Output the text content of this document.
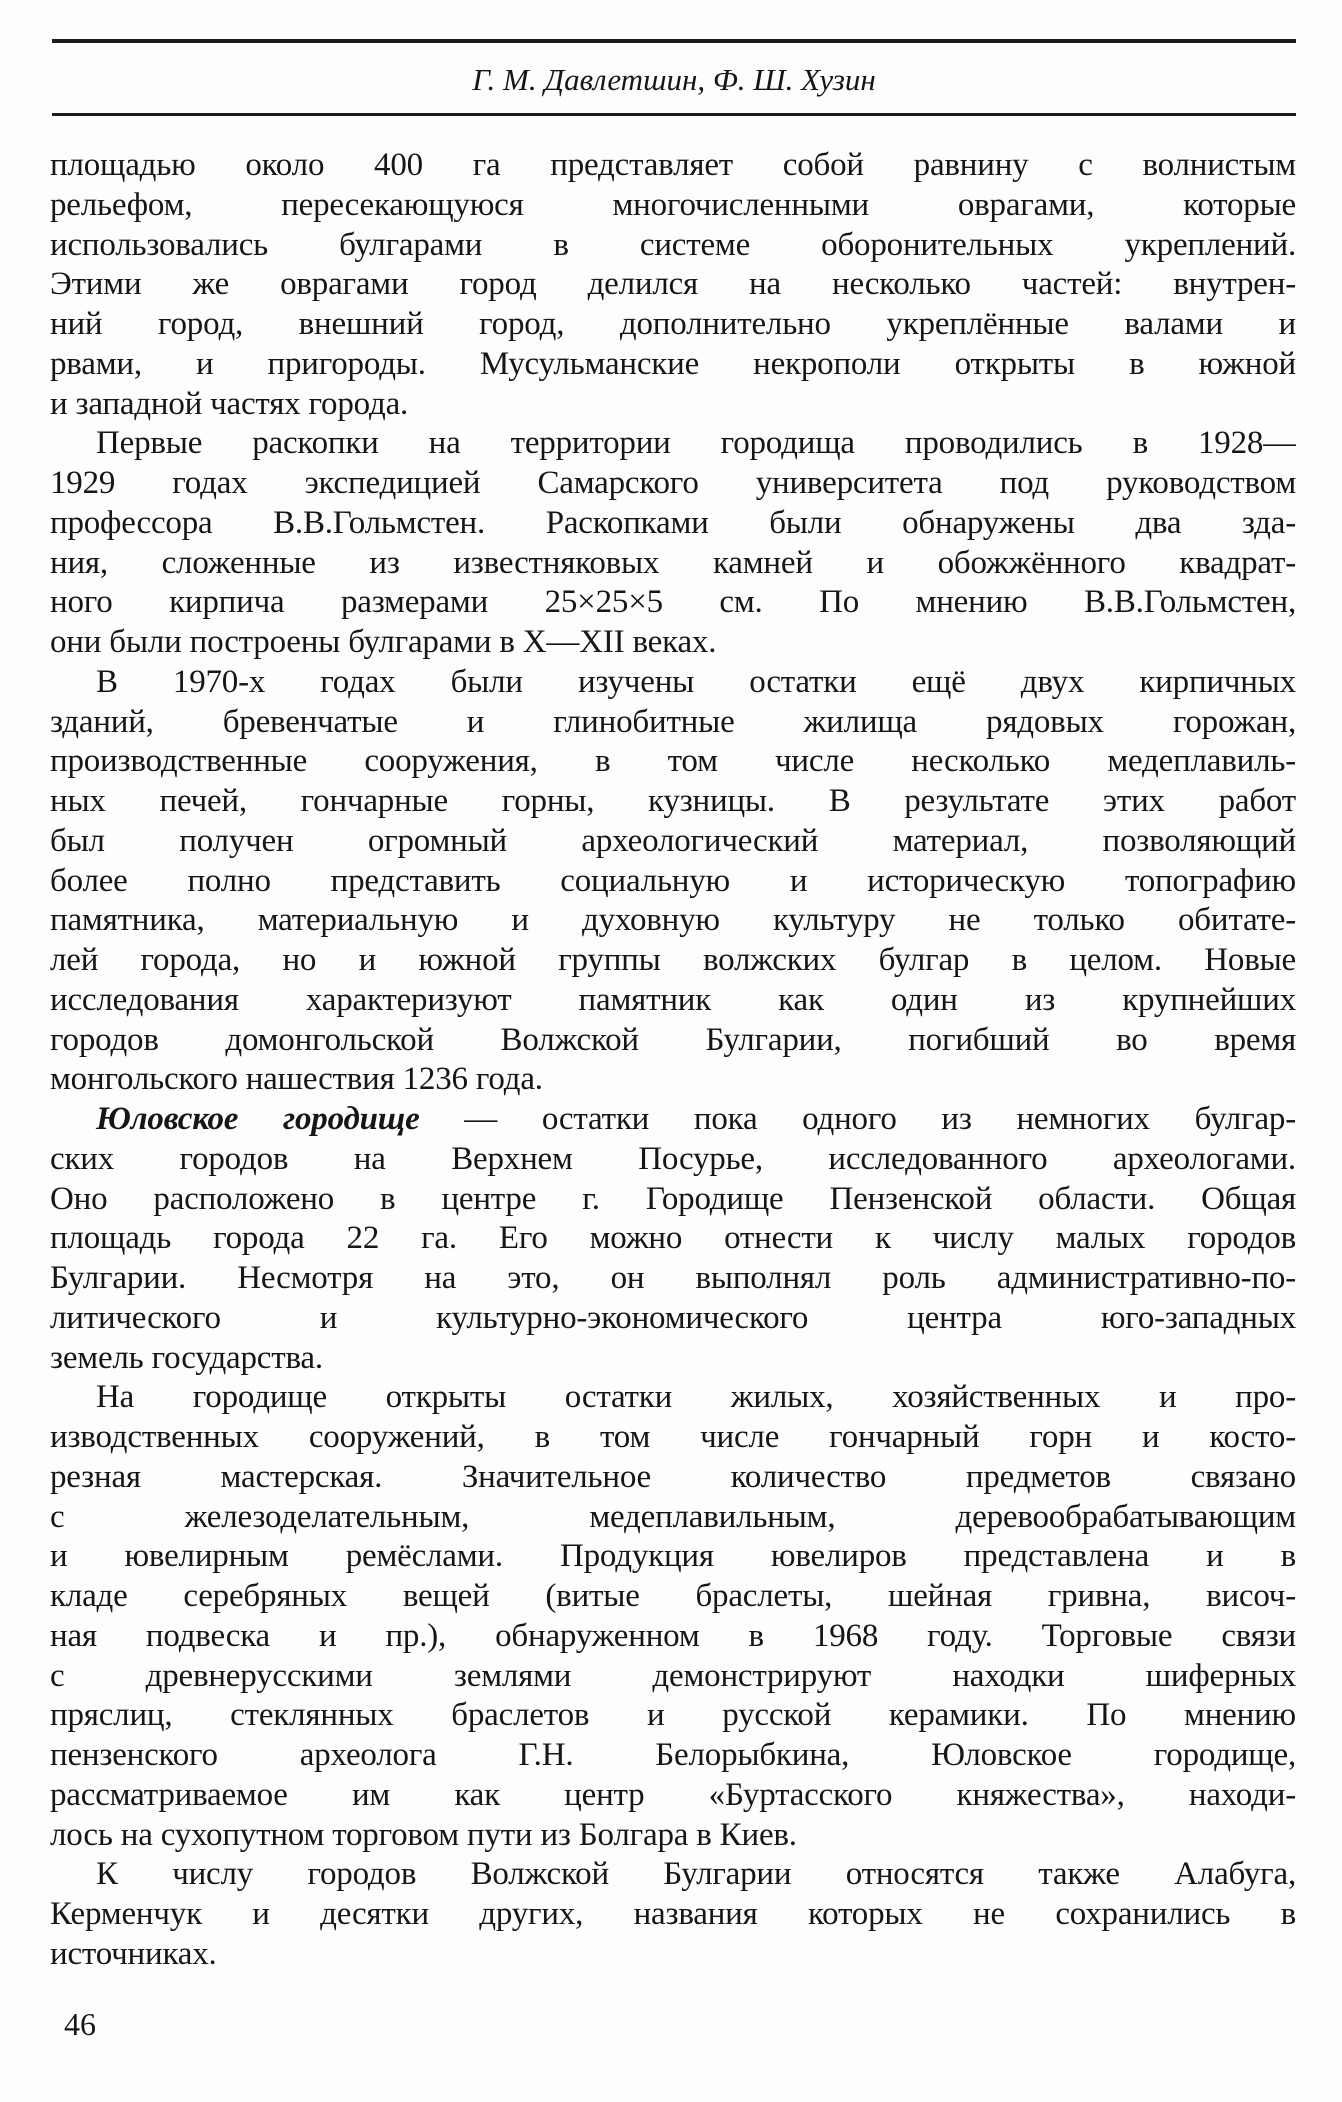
Г. М. Давлетшин, Ф. Ш. Хузин
площадью около 400 га представляет собой равнину с волнистым
рельефом, пересекающуюся многочисленными оврагами, которые
использовались булгарами в системе оборонительных укреплений.
Этими же оврагами город делился на несколько частей: внутрен-
ний город, внешний город, дополнительно укреплённые валами и
рвами, и пригороды. Мусульманские некрополи открыты в южной
и западной частях города.
Первые раскопки на территории городища проводились в 1928—
1929 годах экспедицией Самарского университета под руководством
профессора В.В.Гольмстен. Раскопками были обнаружены два зда-
ния, сложенные из известняковых камней и обожжённого квадрат-
ного кирпича размерами 25×25×5 см. По мнению В.В.Гольмстен,
они были построены булгарами в X—XII веках.
В 1970-х годах были изучены остатки ещё двух кирпичных
зданий, бревенчатые и глинобитные жилища рядовых горожан,
производственные сооружения, в том числе несколько медеплавиль-
ных печей, гончарные горны, кузницы. В результате этих работ
был получен огромный археологический материал, позволяющий
более полно представить социальную и историческую топографию
памятника, материальную и духовную культуру не только обитате-
лей города, но и южной группы волжских булгар в целом. Новые
исследования характеризуют памятник как один из крупнейших
городов домонгольской Волжской Булгарии, погибший во время
монгольского нашествия 1236 года.
Юловское городище — остатки пока одного из немногих булгар-
ских городов на Верхнем Посурье, исследованного археологами.
Оно расположено в центре г. Городище Пензенской области. Общая
площадь города 22 га. Его можно отнести к числу малых городов
Булгарии. Несмотря на это, он выполнял роль административно-по-
литического и культурно-экономического центра юго-западных
земель государства.
На городище открыты остатки жилых, хозяйственных и про-
изводственных сооружений, в том числе гончарный горн и косто-
резная мастерская. Значительное количество предметов связано
с железоделательным, медеплавильным, деревообрабатывающим
и ювелирным ремёслами. Продукция ювелиров представлена и в
кладе серебряных вещей (витые браслеты, шейная гривна, височ-
ная подвеска и пр.), обнаруженном в 1968 году. Торговые связи
с древнерусскими землями демонстрируют находки шиферных
пряслиц, стеклянных браслетов и русской керамики. По мнению
пензенского археолога Г.Н. Белорыбкина, Юловское городище,
рассматриваемое им как центр «Буртасского княжества», находи-
лось на сухопутном торговом пути из Болгара в Киев.
К числу городов Волжской Булгарии относятся также Алабуга,
Керменчук и десятки других, названия которых не сохранились в
источниках.
46
